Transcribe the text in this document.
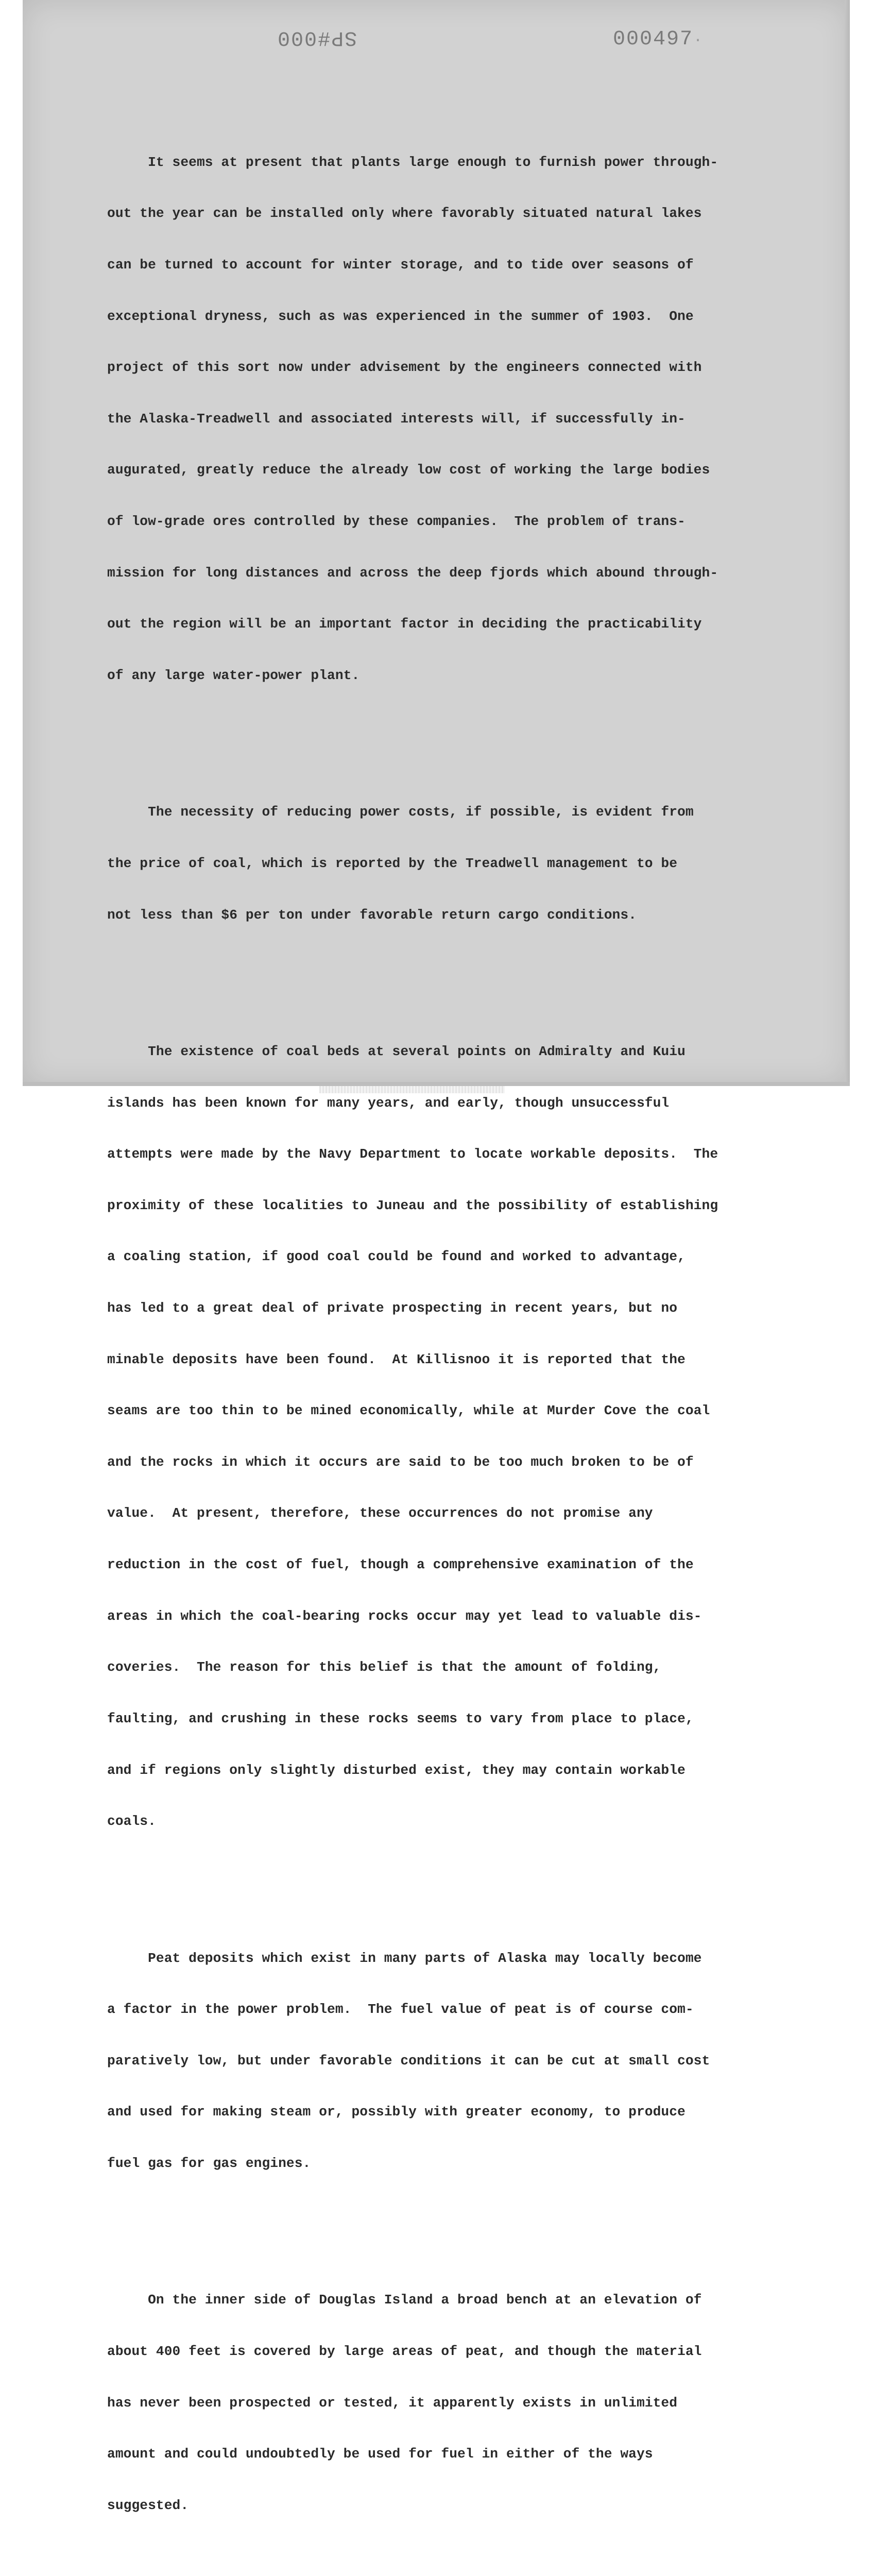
SP#000	000497·

It seems at present that plants large enough to furnish power through-

out the year can be installed only where favorably situated natural lakes

can be turned to account for winter storage, and to tide over seasons of

exceptional dryness, such as was experienced in the summer of 1903.  One

project of this sort now under advisement by the engineers connected with

the Alaska-Treadwell and associated interests will, if successfully in-

augurated, greatly reduce the already low cost of working the large bodies

of low-grade ores controlled by these companies.  The problem of trans-

mission for long distances and across the deep fjords which abound through-

out the region will be an important factor in deciding the practicability

of any large water-power plant.

The necessity of reducing power costs, if possible, is evident from

the price of coal, which is reported by the Treadwell management to be

not less than $6 per ton under favorable return cargo conditions.

The existence of coal beds at several points on Admiralty and Kuiu

islands has been known for many years, and early, though unsuccessful

attempts were made by the Navy Department to locate workable deposits.  The

proximity of these localities to Juneau and the possibility of establishing

a coaling station, if good coal could be found and worked to advantage,

has led to a great deal of private prospecting in recent years, but no

minable deposits have been found.  At Killisnoo it is reported that the

seams are too thin to be mined economically, while at Murder Cove the coal

and the rocks in which it occurs are said to be too much broken to be of

value.  At present, therefore, these occurrences do not promise any

reduction in the cost of fuel, though a comprehensive examination of the

areas in which the coal-bearing rocks occur may yet lead to valuable dis-

coveries.  The reason for this belief is that the amount of folding,

faulting, and crushing in these rocks seems to vary from place to place,

and if regions only slightly disturbed exist, they may contain workable

coals.

Peat deposits which exist in many parts of Alaska may locally become

a factor in the power problem.  The fuel value of peat is of course com-

paratively low, but under favorable conditions it can be cut at small cost

and used for making steam or, possibly with greater economy, to produce

fuel gas for gas engines.

On the inner side of Douglas Island a broad bench at an elevation of

about 400 feet is covered by large areas of peat, and though the material

has never been prospected or tested, it apparently exists in unlimited

amount and could undoubtedly be used for fuel in either of the ways

suggested.
